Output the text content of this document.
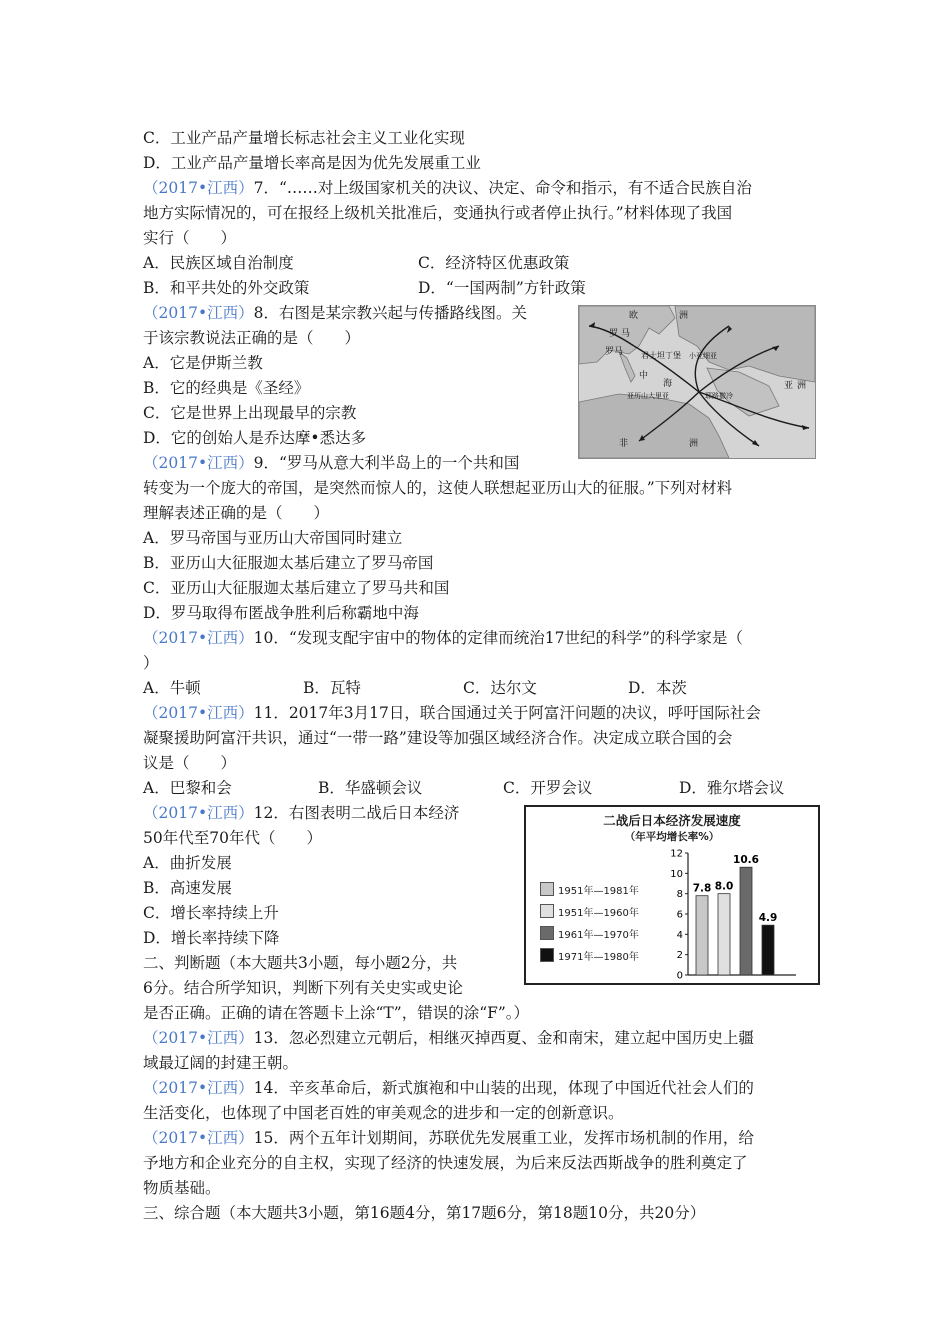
C．工业产品产量增长标志社会主义工业化实现
D．工业产品产量增长率高是因为优先发展重工业
（2017•江西）7．“……对上级国家机关的决议、决定、命令和指示，有不适合民族自治
地方实际情况的，可在报经上级机关批准后，变通执行或者停止执行。”材料体现了我国
实行（　　）
A．民族区域自治制度	C．经济特区优惠政策
B．和平共处的外交政策	D．“一国两制”方针政策
（2017•江西）8．右图是某宗教兴起与传播路线图。关
于该宗教说法正确的是（　　）
A．它是伊斯兰教
B．它的经典是《圣经》
C．它是世界上出现最早的宗教
D．它的创始人是乔达摩•悉达多
（2017•江西）9．“罗马从意大利半岛上的一个共和国
转变为一个庞大的帝国，是突然而惊人的，这使人联想起亚历山大的征服。”下列对材料
理解表述正确的是（　　）
A．罗马帝国与亚历山大帝国同时建立
B．亚历山大征服迦太基后建立了罗马帝国
C．亚历山大征服迦太基后建立了罗马共和国
D．罗马取得布匿战争胜利后称霸地中海
（2017•江西）10．“发现支配宇宙中的物体的定律而统治17世纪的科学”的科学家是（
）
A．牛顿	B．瓦特	C．达尔文	D．本茨
（2017•江西）11．2017年3月17日，联合国通过关于阿富汗问题的决议，呼吁国际社会
凝聚援助阿富汗共识，通过“一带一路”建设等加强区域经济合作。决定成立联合国的会
议是（　　）
A．巴黎和会	B．华盛顿会议	C．开罗会议	D．雅尔塔会议
（2017•江西）12．右图表明二战后日本经济
50年代至70年代（　　）
A．曲折发展
B．高速发展
C．增长率持续上升
D．增长率持续下降
二、判断题（本大题共3小题，每小题2分，共
6分。结合所学知识，判断下列有关史实或史论
是否正确。正确的请在答题卡上涂“T”，错误的涂“F”。）
（2017•江西）13．忽必烈建立元朝后，相继灭掉西夏、金和南宋，建立起中国历史上疆
域最辽阔的封建王朝。
（2017•江西）14．辛亥革命后，新式旗袍和中山装的出现，体现了中国近代社会人们的
生活变化，也体现了中国老百姓的审美观念的进步和一定的创新意识。
（2017•江西）15．两个五年计划期间，苏联优先发展重工业，发挥市场机制的作用，给
予地方和企业充分的自主权，实现了经济的快速发展，为后来反法西斯战争的胜利奠定了
物质基础。
三、综合题（本大题共3小题，第16题4分，第17题6分，第18题10分，共20分）
欧	洲
罗 马
罗马 君士坦丁堡 小亚细亚
中
海
亚历山大里亚	耶路撒冷
亚 洲
非	洲
二战后日本经济发展速度
（年平均增长率%）
1951年—1981年
1951年—1960年
1961年—1970年
1971年—1980年
0
2
4
6
8
10
12
7.8 8.0
10.6
4.9
